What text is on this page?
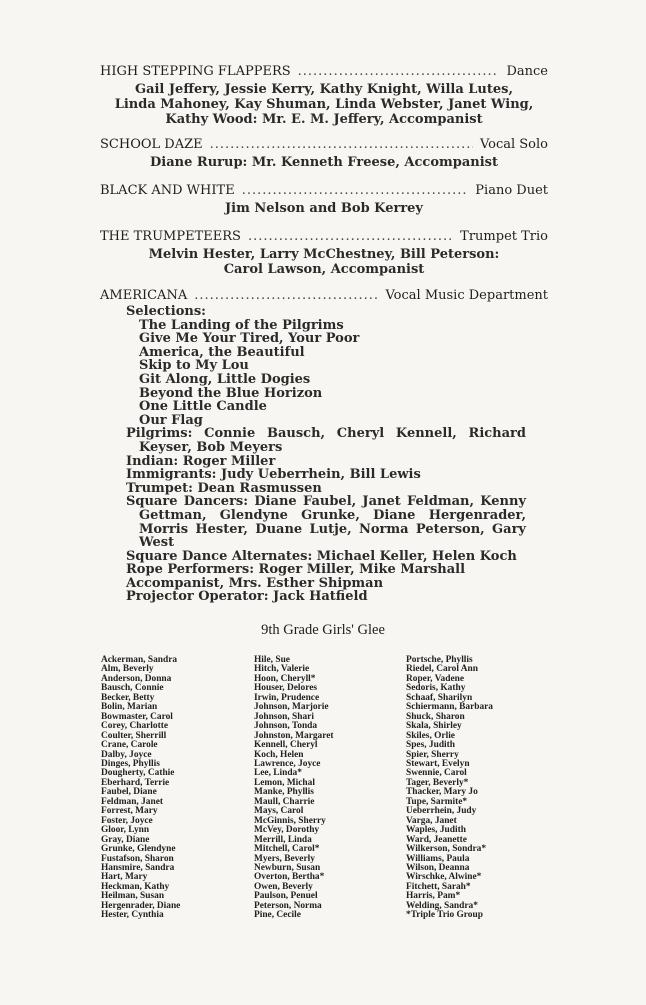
HIGH STEPPING FLAPPERS .....	Dance
Gail Jeffery, Jessie Kerry, Kathy Knight, Willa Lutes,
Linda Mahoney, Kay Shuman, Linda Webster, Janet Wing,
Kathy Wood: Mr. E. M. Jeffery, Accompanist
SCHOOL DAZE .....	Vocal Solo
Diane Rurup: Mr. Kenneth Freese, Accompanist
BLACK AND WHITE .....	Piano Duet
Jim Nelson and Bob Kerrey
THE TRUMPETEERS .....	Trumpet Trio
Melvin Hester, Larry McChestney, Bill Peterson:
Carol Lawson, Accompanist
AMERICANA .....	Vocal Music Department
Selections:
The Landing of the Pilgrims
Give Me Your Tired, Your Poor
America, the Beautiful
Skip to My Lou
Git Along, Little Dogies
Beyond the Blue Horizon
One Little Candle
Our Flag
Pilgrims: Connie Bausch, Cheryl Kennell, Richard Keyser, Bob Meyers
Indian: Roger Miller
Immigrants: Judy Ueberrhein, Bill Lewis
Trumpet: Dean Rasmussen
Square Dancers: Diane Faubel, Janet Feldman, Kenny Gettman, Glendyne Grunke, Diane Hergenrader, Morris Hester, Duane Lutje, Norma Peterson, Gary West
Square Dance Alternates: Michael Keller, Helen Koch
Rope Performers: Roger Miller, Mike Marshall
Accompanist, Mrs. Esther Shipman
Projector Operator: Jack Hatfield
9th Grade Girls' Glee
Ackerman, Sandra
Alm, Beverly
Anderson, Donna
Bausch, Connie
Becker, Betty
Bolin, Marian
Bowmaster, Carol
Corey, Charlotte
Coulter, Sherrill
Crane, Carole
Dalby, Joyce
Dinges, Phyllis
Dougherty, Cathie
Eberhard, Terrie
Faubel, Diane
Feldman, Janet
Forrest, Mary
Foster, Joyce
Gloor, Lynn
Gray, Diane
Grunke, Glendyne
Fustafson, Sharon
Hansmire, Sandra
Hart, Mary
Heckman, Kathy
Heilman, Susan
Hergenrader, Diane
Hester, Cynthia
Hile, Sue
Hitch, Valerie
Hoon, Cheryll*
Houser, Delores
Irwin, Prudence
Johnson, Marjorie
Johnson, Shari
Johnson, Tonda
Johnston, Margaret
Kennell, Cheryl
Koch, Helen
Lawrence, Joyce
Lee, Linda*
Lemon, Michal
Manke, Phyllis
Maull, Charrie
Mays, Carol
McGinnis, Sherry
McVey, Dorothy
Merrill, Linda
Mitchell, Carol*
Myers, Beverly
Newburn, Susan
Overton, Bertha*
Owen, Beverly
Paulson, Penuel
Peterson, Norma
Pine, Cecile
Portsche, Phyllis
Riedel, Carol Ann
Roper, Vadene
Sedoris, Kathy
Schaaf, Sharilyn
Schiermann, Barbara
Shuck, Sharon
Skala, Shirley
Skiles, Orlie
Spes, Judith
Spier, Sherry
Stewart, Evelyn
Swennie, Carol
Tager, Beverly*
Thacker, Mary Jo
Tupe, Sarmite*
Ueberrhein, Judy
Varga, Janet
Waples, Judith
Ward, Jeanette
Wilkerson, Sondra*
Williams, Paula
Wilson, Deanna
Wirschke, Alwine*
Fitchett, Sarah*
Harris, Pam*
Welding, Sandra*
*Triple Trio Group
